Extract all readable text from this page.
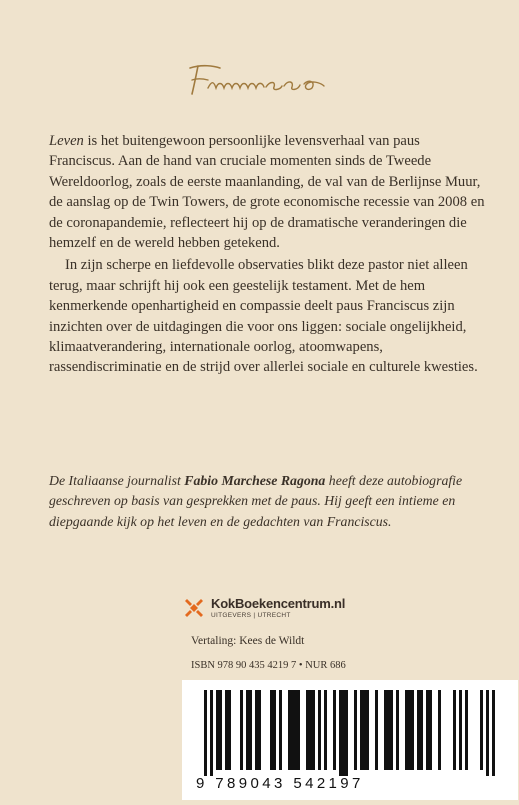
Leven is het buitengewoon persoonlijke levensverhaal van paus Franciscus. Aan de hand van cruciale momenten sinds de Tweede Wereldoorlog, zoals de eerste maanlanding, de val van de Berlijnse Muur, de aanslag op de Twin Towers, de grote economische recessie van 2008 en de coronapandemie, reflecteert hij op de dramatische veranderingen die hemzelf en de wereld hebben getekend.

In zijn scherpe en liefdevolle observaties blikt deze pastor niet alleen terug, maar schrijft hij ook een geestelijk testament. Met de hem kenmerkende openhartigheid en compassie deelt paus Franciscus zijn inzichten over de uitdagingen die voor ons liggen: sociale ongelijkheid, klimaatverandering, internationale oorlog, atoomwapens, rassendiscriminatie en de strijd over allerlei sociale en culturele kwesties.

De Italiaanse journalist Fabio Marchese Ragona heeft deze autobiografie geschreven op basis van gesprekken met de paus. Hij geeft een intieme en diepgaande kijk op het leven en de gedachten van Franciscus.
KokBoekencentrum.nl
UITGEVERS | UTRECHT
Vertaling: Kees de Wildt
ISBN 978 90 435 4219 7 • NUR 686
9 789043 542197
